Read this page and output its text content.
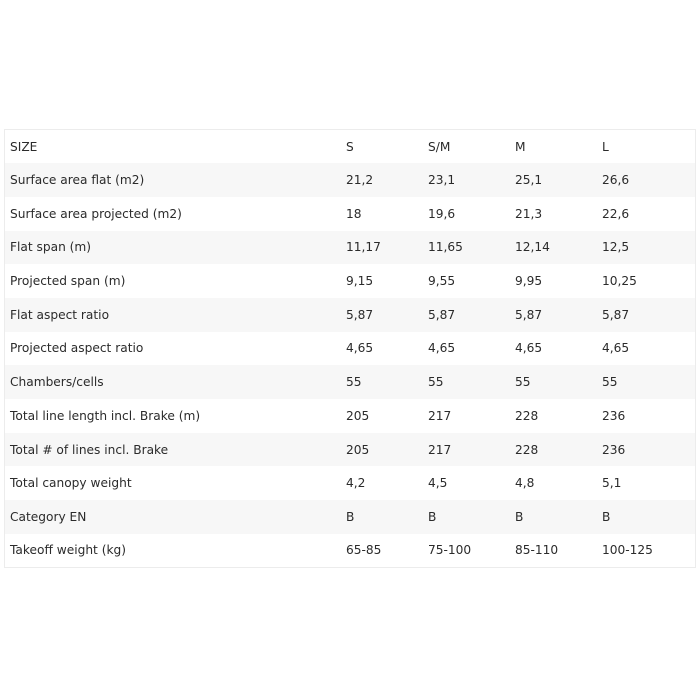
SIZE	S	S/M	M	L
Surface area flat (m2)	21,2	23,1	25,1	26,6
Surface area projected (m2)	18	19,6	21,3	22,6
Flat span (m)	11,17	11,65	12,14	12,5
Projected span (m)	9,15	9,55	9,95	10,25
Flat aspect ratio	5,87	5,87	5,87	5,87
Projected aspect ratio	4,65	4,65	4,65	4,65
Chambers/cells	55	55	55	55
Total line length incl. Brake (m)	205	217	228	236
Total # of lines incl. Brake	205	217	228	236
Total canopy weight	4,2	4,5	4,8	5,1
Category EN	B	B	B	B
Takeoff weight (kg)	65-85	75-100	85-110	100-125
